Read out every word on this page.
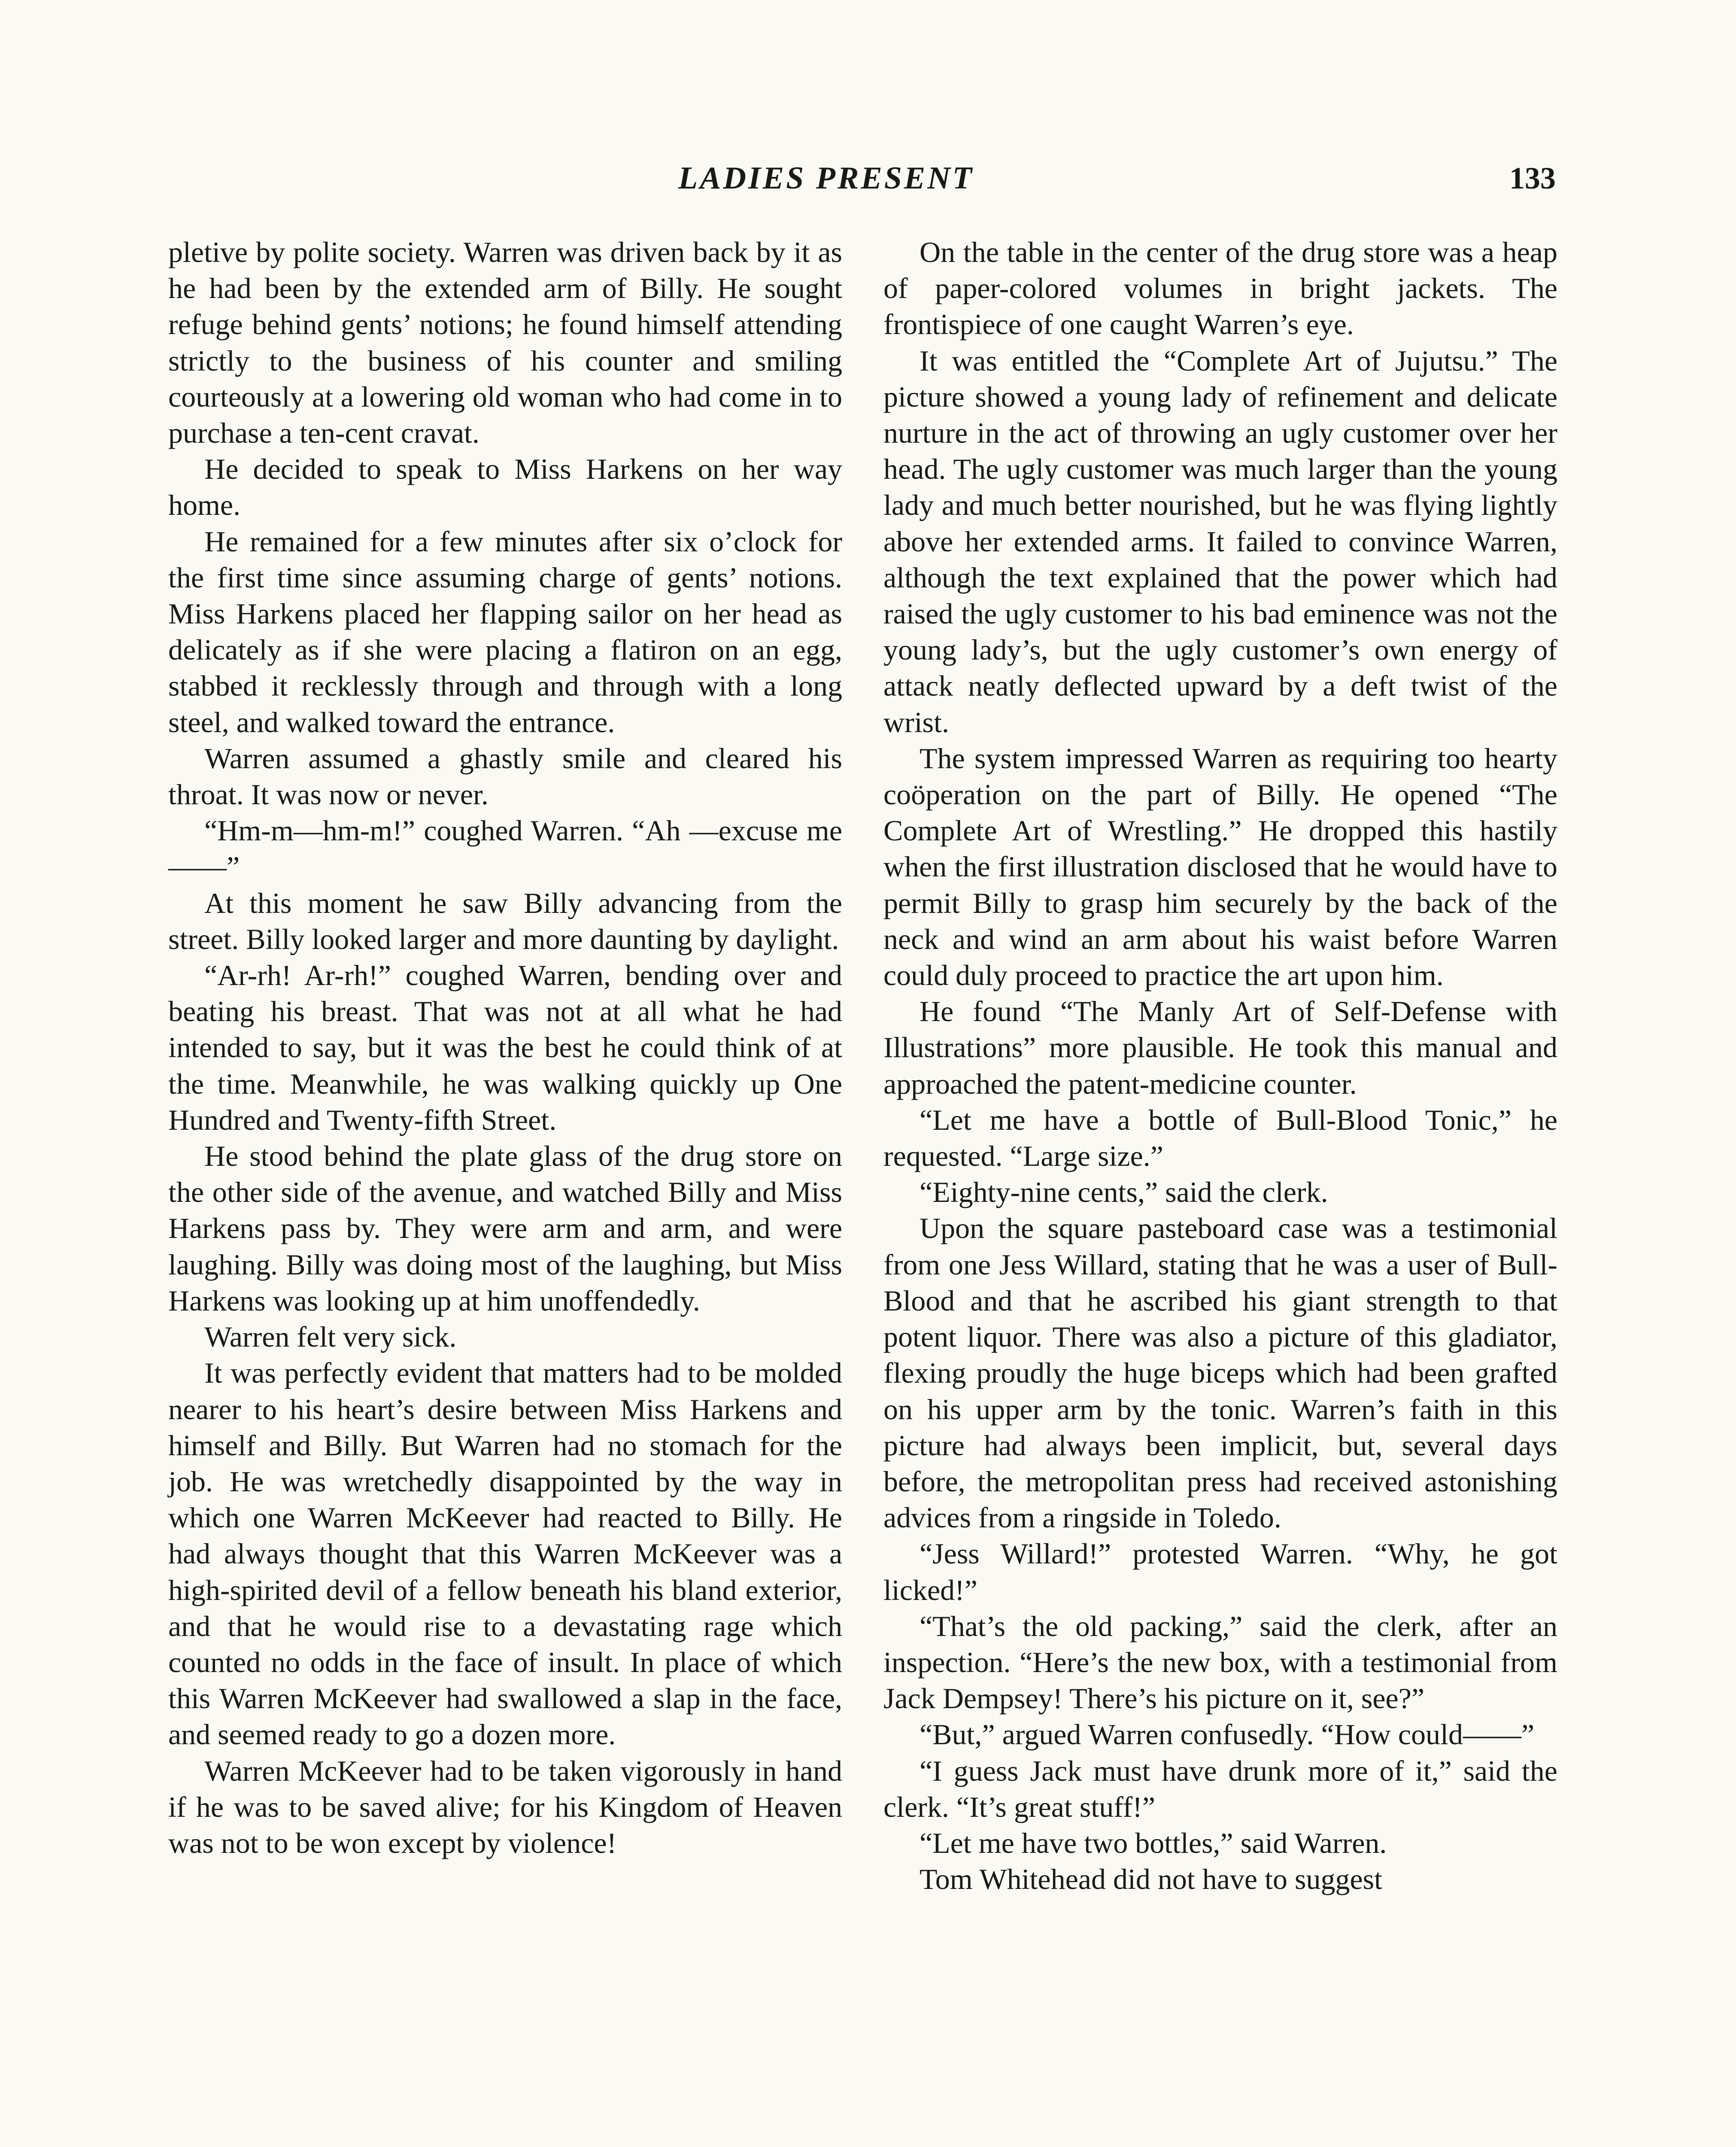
LADIES PRESENT	133

pletive by polite society. Warren was driven back by it as he had been by the extended arm of Billy. He sought refuge behind gents’ notions; he found himself attending strictly to the business of his counter and smiling courteously at a lowering old woman who had come in to purchase a ten-cent cravat.

He decided to speak to Miss Harkens on her way home.

He remained for a few minutes after six o’clock for the first time since assuming charge of gents’ notions. Miss Harkens placed her flapping sailor on her head as delicately as if she were placing a flatiron on an egg, stabbed it recklessly through and through with a long steel, and walked toward the entrance.

Warren assumed a ghastly smile and cleared his throat. It was now or never.

“Hm-m—hm-m!” coughed Warren. “Ah —excuse me——”

At this moment he saw Billy advancing from the street. Billy looked larger and more daunting by daylight.

“Ar-rh! Ar-rh!” coughed Warren, bending over and beating his breast. That was not at all what he had intended to say, but it was the best he could think of at the time. Meanwhile, he was walking quickly up One Hundred and Twenty-fifth Street.

He stood behind the plate glass of the drug store on the other side of the avenue, and watched Billy and Miss Harkens pass by. They were arm and arm, and were laughing. Billy was doing most of the laughing, but Miss Harkens was looking up at him unoffendedly.

Warren felt very sick.

It was perfectly evident that matters had to be molded nearer to his heart’s desire between Miss Harkens and himself and Billy. But Warren had no stomach for the job. He was wretchedly disappointed by the way in which one Warren McKeever had reacted to Billy. He had always thought that this Warren McKeever was a high-spirited devil of a fellow beneath his bland exterior, and that he would rise to a devastating rage which counted no odds in the face of insult. In place of which this Warren McKeever had swallowed a slap in the face, and seemed ready to go a dozen more.

Warren McKeever had to be taken vigorously in hand if he was to be saved alive; for his Kingdom of Heaven was not to be won except by violence!

On the table in the center of the drug store was a heap of paper-colored volumes in bright jackets. The frontispiece of one caught Warren’s eye.

It was entitled the “Complete Art of Jujutsu.” The picture showed a young lady of refinement and delicate nurture in the act of throwing an ugly customer over her head. The ugly customer was much larger than the young lady and much better nourished, but he was flying lightly above her extended arms. It failed to convince Warren, although the text explained that the power which had raised the ugly customer to his bad eminence was not the young lady’s, but the ugly customer’s own energy of attack neatly deflected upward by a deft twist of the wrist.

The system impressed Warren as requiring too hearty coöperation on the part of Billy. He opened “The Complete Art of Wrestling.” He dropped this hastily when the first illustration disclosed that he would have to permit Billy to grasp him securely by the back of the neck and wind an arm about his waist before Warren could duly proceed to practice the art upon him.

He found “The Manly Art of Self-Defense with Illustrations” more plausible. He took this manual and approached the patent-medicine counter.

“Let me have a bottle of Bull-Blood Tonic,” he requested. “Large size.”

“Eighty-nine cents,” said the clerk.

Upon the square pasteboard case was a testimonial from one Jess Willard, stating that he was a user of Bull-Blood and that he ascribed his giant strength to that potent liquor. There was also a picture of this gladiator, flexing proudly the huge biceps which had been grafted on his upper arm by the tonic. Warren’s faith in this picture had always been implicit, but, several days before, the metropolitan press had received astonishing advices from a ringside in Toledo.

“Jess Willard!” protested Warren. “Why, he got licked!”

“That’s the old packing,” said the clerk, after an inspection. “Here’s the new box, with a testimonial from Jack Dempsey! There’s his picture on it, see?”

“But,” argued Warren confusedly. “How could——”

“I guess Jack must have drunk more of it,” said the clerk. “It’s great stuff!”

“Let me have two bottles,” said Warren.

Tom Whitehead did not have to suggest
